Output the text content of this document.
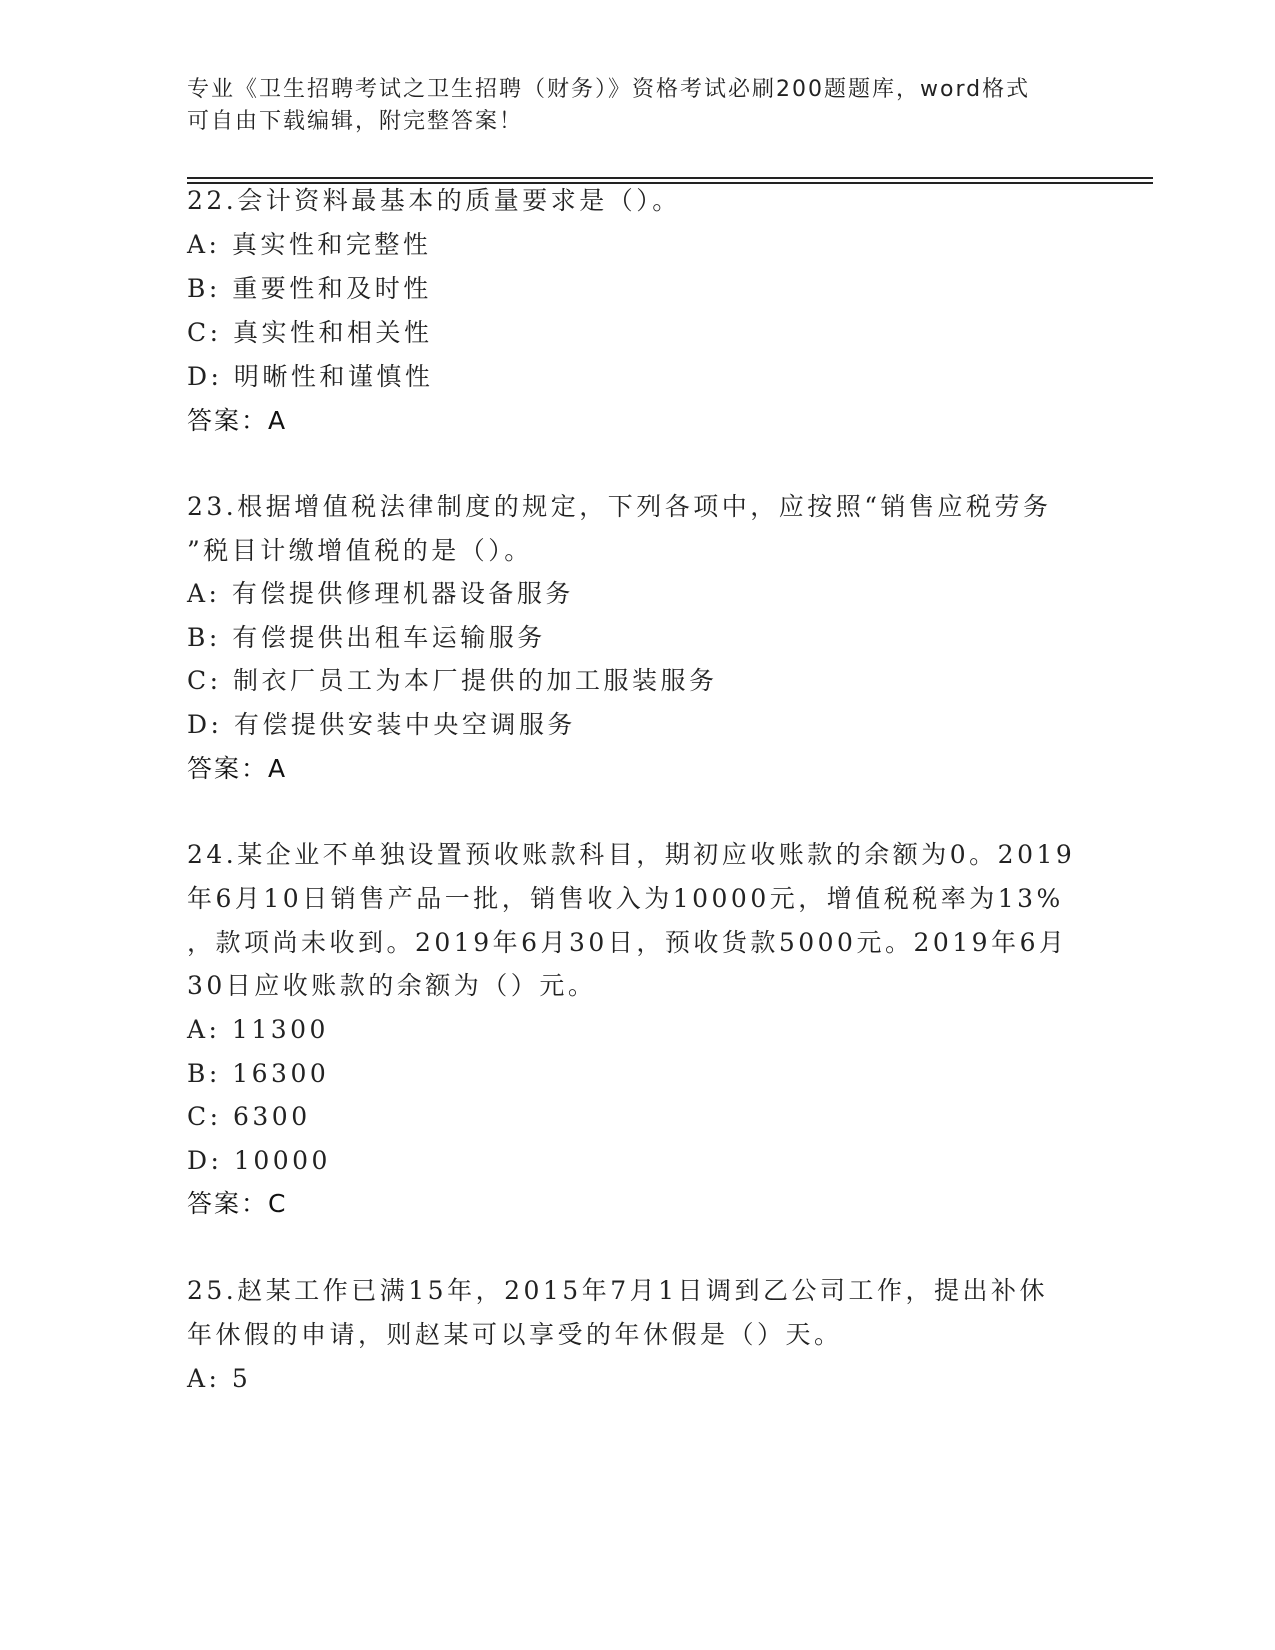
专业《卫生招聘考试之卫生招聘（财务）》资格考试必刷200题题库，word格式
可自由下载编辑，附完整答案！
22.会计资料最基本的质量要求是（）。
A: 真实性和完整性
B: 重要性和及时性
C: 真实性和相关性
D: 明晰性和谨慎性
答案：A
23.根据增值税法律制度的规定，下列各项中，应按照“销售应税劳务
”税目计缴增值税的是（）。
A: 有偿提供修理机器设备服务
B: 有偿提供出租车运输服务
C: 制衣厂员工为本厂提供的加工服装服务
D: 有偿提供安装中央空调服务
答案：A
24.某企业不单独设置预收账款科目，期初应收账款的余额为0。2019
年6月10日销售产品一批，销售收入为10000元，增值税税率为13%
，款项尚未收到。2019年6月30日，预收货款5000元。2019年6月
30日应收账款的余额为（）元。
A: 11300
B: 16300
C: 6300
D: 10000
答案：C
25.赵某工作已满15年，2015年7月1日调到乙公司工作，提出补休
年休假的申请，则赵某可以享受的年休假是（）天。
A: 5
